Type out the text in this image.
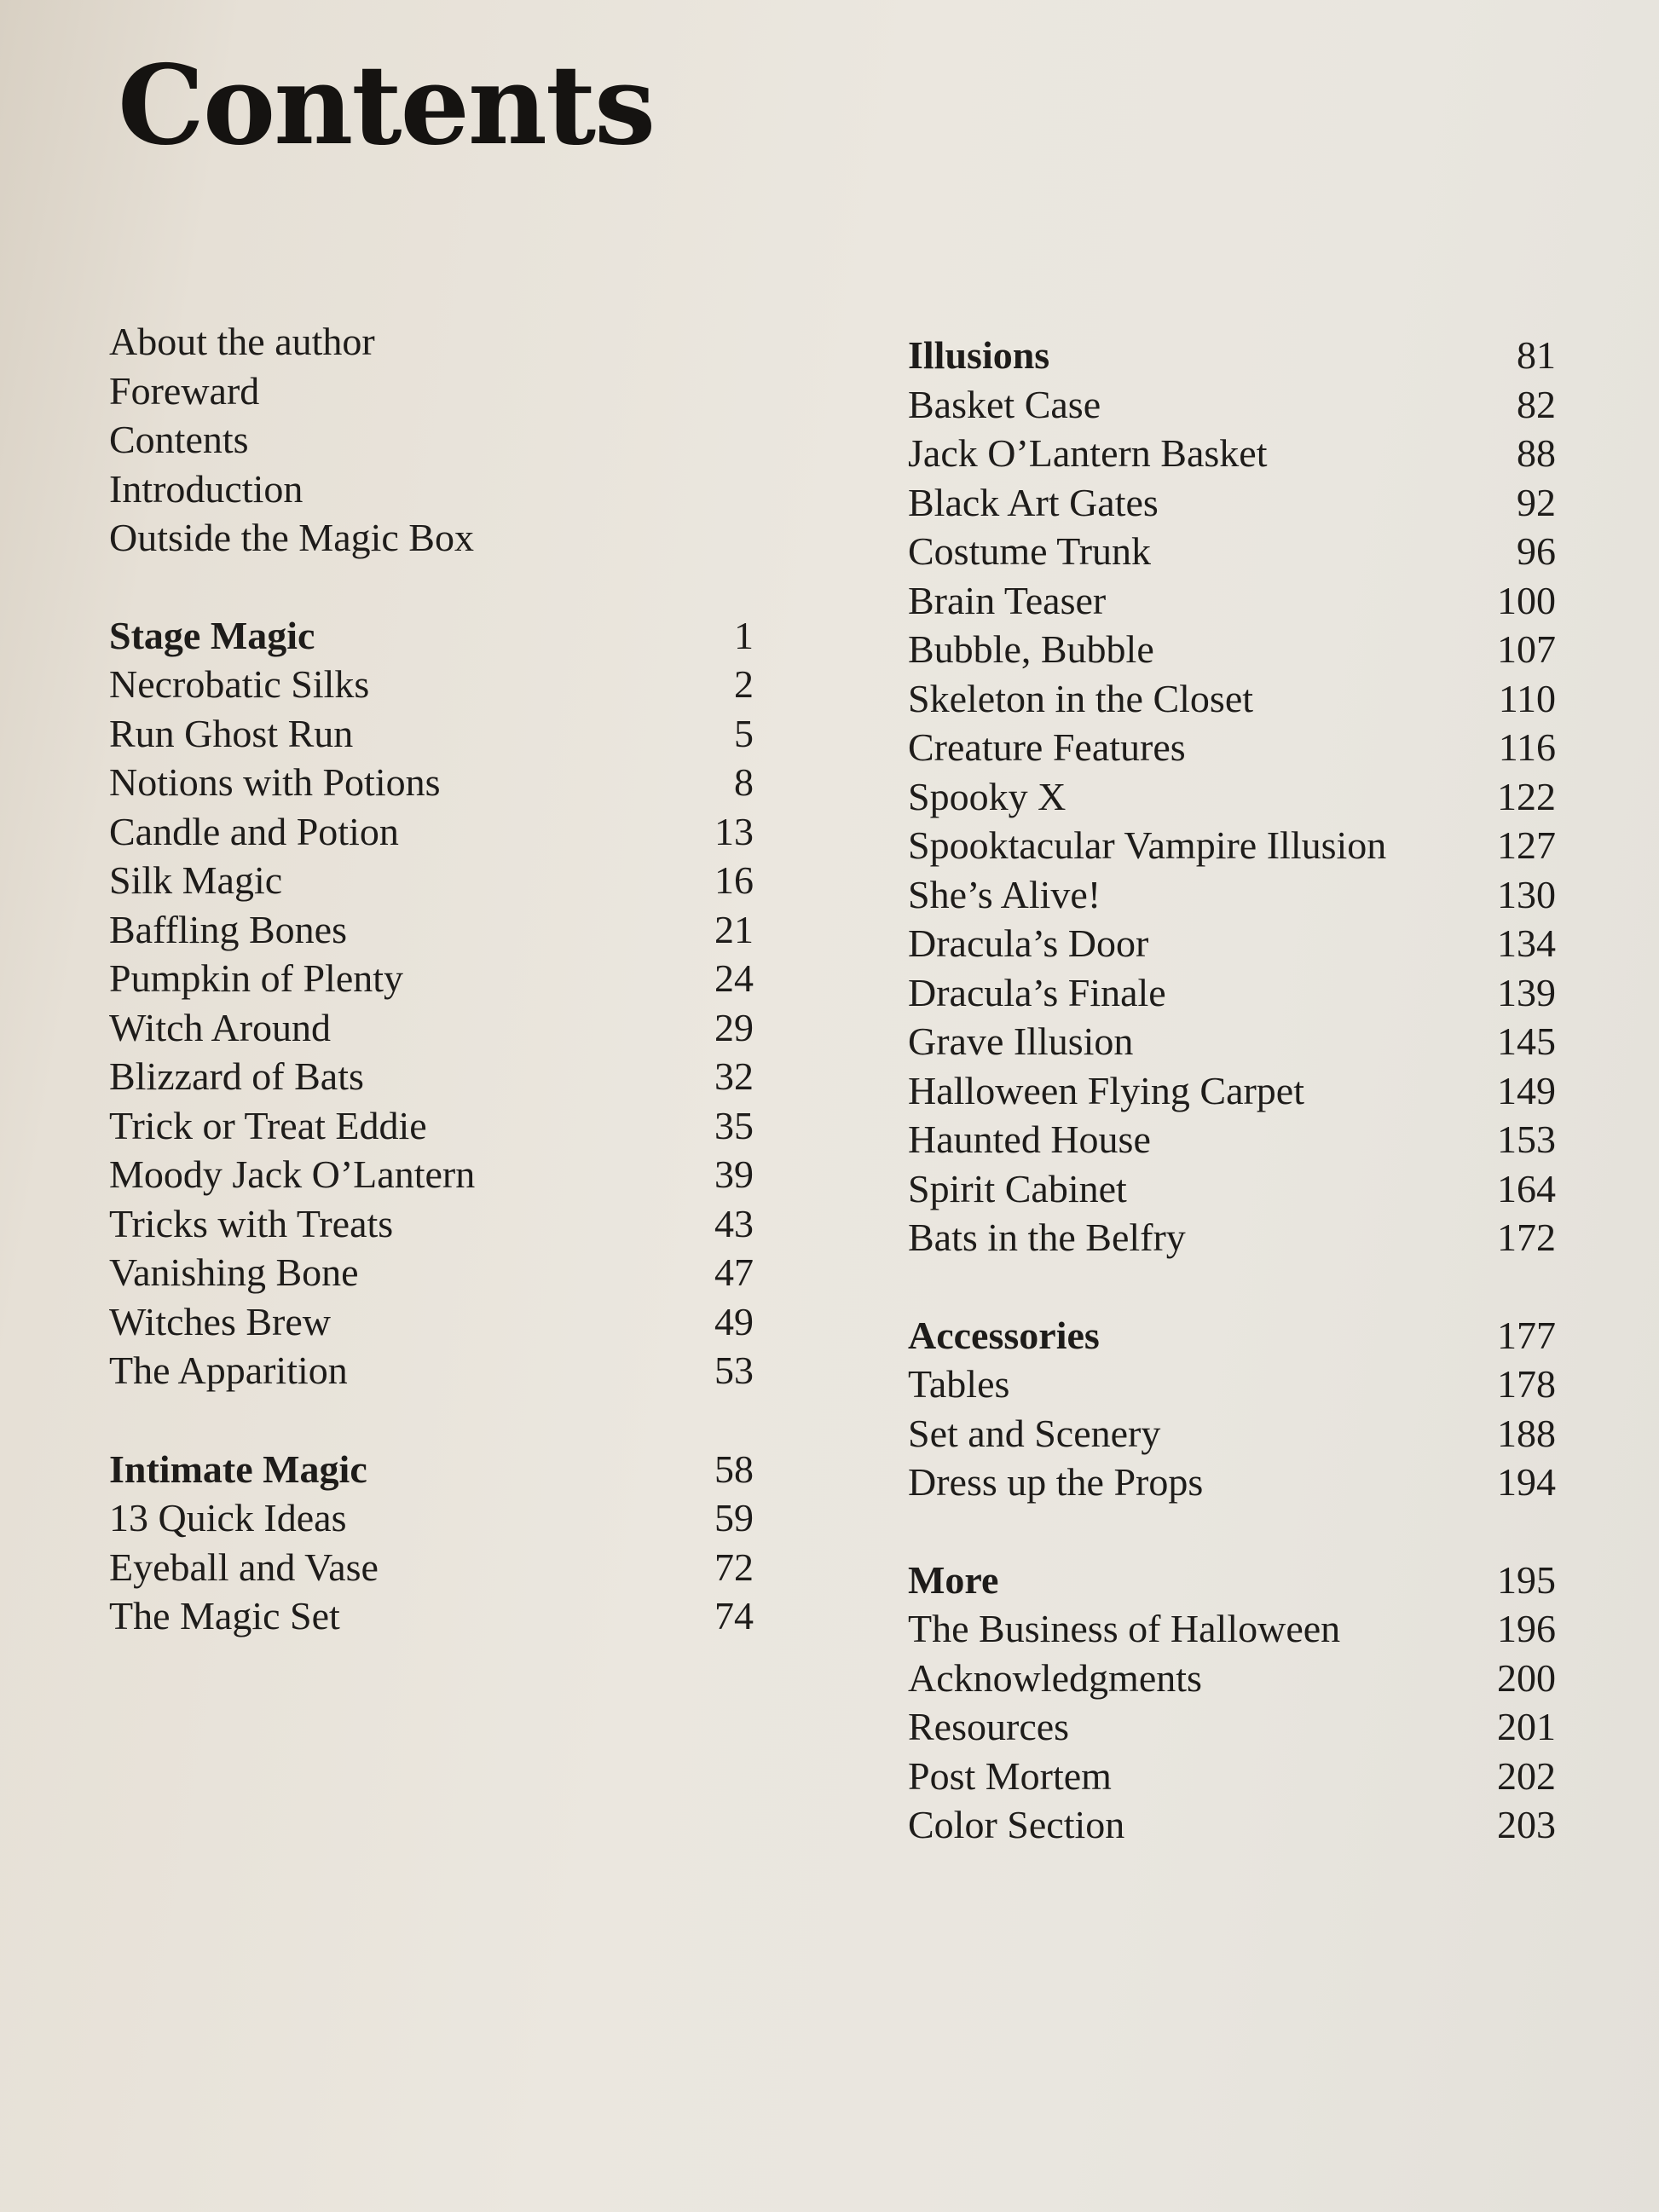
Contents
About the author
Foreward
Contents
Introduction
Outside the Magic Box
Stage Magic	1
Necrobatic Silks	2
Run Ghost Run	5
Notions with Potions	8
Candle and Potion	13
Silk Magic	16
Baffling Bones	21
Pumpkin of Plenty	24
Witch Around	29
Blizzard of Bats	32
Trick or Treat Eddie	35
Moody Jack O’Lantern	39
Tricks with Treats	43
Vanishing Bone	47
Witches Brew	49
The Apparition	53
Intimate Magic	58
13 Quick Ideas	59
Eyeball and Vase	72
The Magic Set	74
Illusions	81
Basket Case	82
Jack O’Lantern Basket	88
Black Art Gates	92
Costume Trunk	96
Brain Teaser	100
Bubble, Bubble	107
Skeleton in the Closet	110
Creature Features	116
Spooky X	122
Spooktacular Vampire Illusion	127
She’s Alive!	130
Dracula’s Door	134
Dracula’s Finale	139
Grave Illusion	145
Halloween Flying Carpet	149
Haunted House	153
Spirit Cabinet	164
Bats in the Belfry	172
Accessories	177
Tables	178
Set and Scenery	188
Dress up the Props	194
More	195
The Business of Halloween	196
Acknowledgments	200
Resources	201
Post Mortem	202
Color Section	203
